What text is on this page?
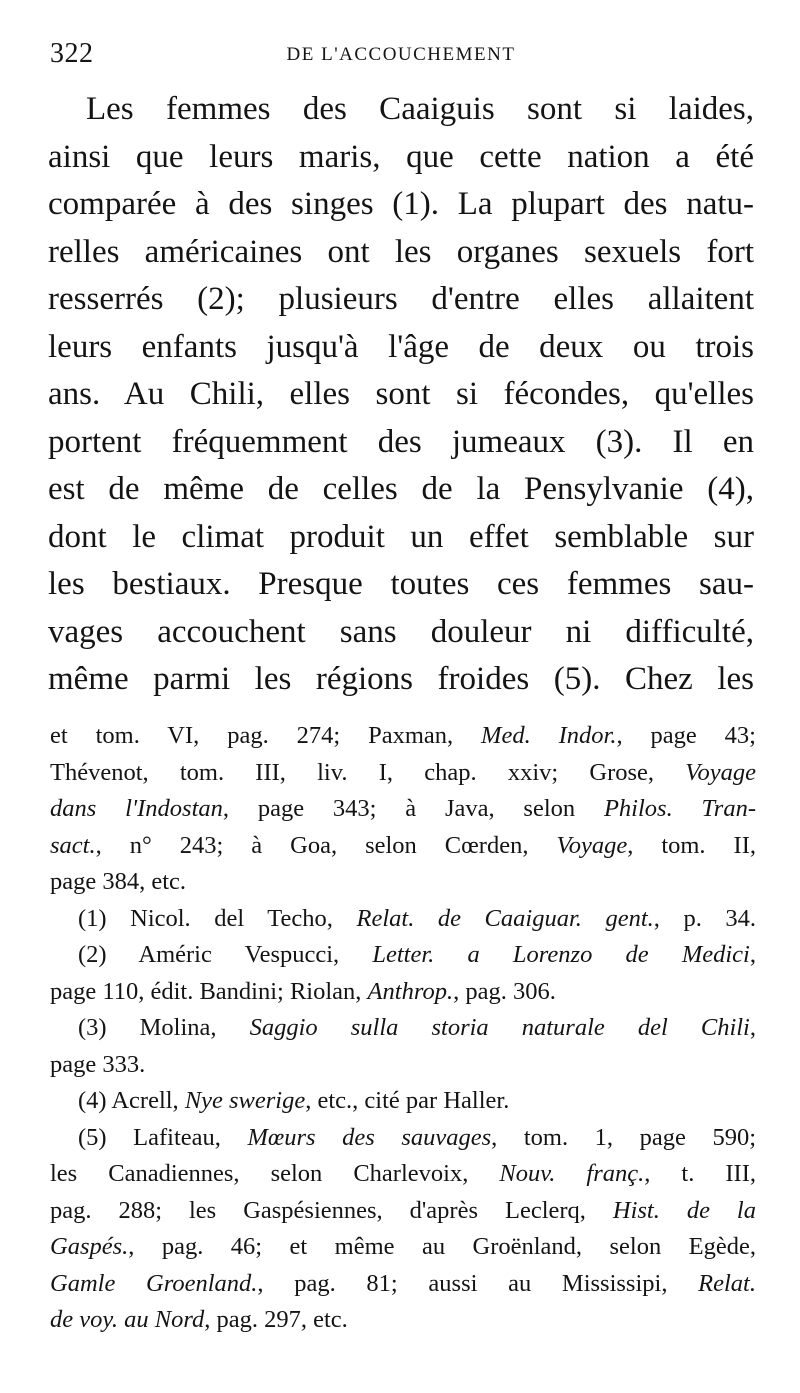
322	DE L'ACCOUCHEMENT
Les femmes des Caaiguis sont si laides,
ainsi que leurs maris, que cette nation a été
comparée à des singes (1). La plupart des natu-
relles américaines ont les organes sexuels fort
resserrés (2); plusieurs d'entre elles allaitent
leurs enfants jusqu'à l'âge de deux ou trois
ans. Au Chili, elles sont si fécondes, qu'elles
portent fréquemment des jumeaux (3). Il en
est de même de celles de la Pensylvanie (4),
dont le climat produit un effet semblable sur
les bestiaux. Presque toutes ces femmes sau-
vages accouchent sans douleur ni difficulté,
même parmi les régions froides (5). Chez les
et tom. VI, pag. 274; Paxman, Med. Indor., page 43;
Thévenot, tom. III, liv. I, chap. xxiv; Grose, Voyage
dans l'Indostan, page 343; à Java, selon Philos. Tran-
sact., n° 243; à Goa, selon Cœrden, Voyage, tom. II,
page 384, etc.
(1) Nicol. del Techo, Relat. de Caaiguar. gent., p. 34.
(2) Améric Vespucci, Letter. a Lorenzo de Medici,
page 110, édit. Bandini; Riolan, Anthrop., pag. 306.
(3) Molina, Saggio sulla storia naturale del Chili,
page 333.
(4) Acrell, Nye swerige, etc., cité par Haller.
(5) Lafiteau, Mœurs des sauvages, tom. 1, page 590;
les Canadiennes, selon Charlevoix, Nouv. franç., t. III,
pag. 288; les Gaspésiennes, d'après Leclerq, Hist. de la
Gaspés., pag. 46; et même au Groënland, selon Egède,
Gamle Groenland., pag. 81; aussi au Mississipi, Relat.
de voy. au Nord, pag. 297, etc.
